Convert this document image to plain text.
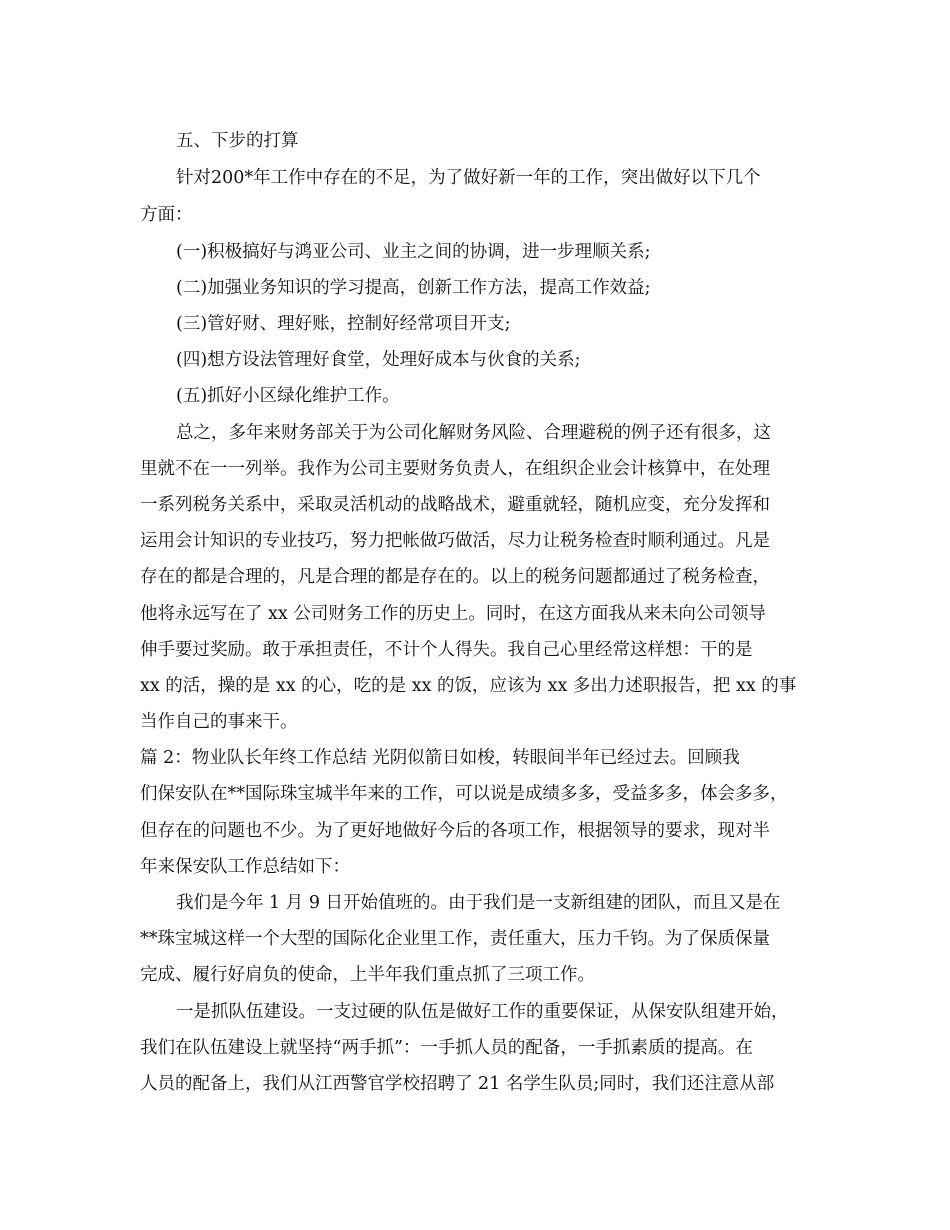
五、下步的打算
针对200*年工作中存在的不足，为了做好新一年的工作，突出做好以下几个
方面：
(一)积极搞好与鸿亚公司、业主之间的协调，进一步理顺关系;
(二)加强业务知识的学习提高，创新工作方法，提高工作效益;
(三)管好财、理好账，控制好经常项目开支;
(四)想方设法管理好食堂，处理好成本与伙食的关系;
(五)抓好小区绿化维护工作。
总之，多年来财务部关于为公司化解财务风险、合理避税的例子还有很多，这
里就不在一一列举。我作为公司主要财务负责人，在组织企业会计核算中，在处理
一系列税务关系中，采取灵活机动的战略战术，避重就轻，随机应变，充分发挥和
运用会计知识的专业技巧，努力把帐做巧做活，尽力让税务检查时顺利通过。凡是
存在的都是合理的，凡是合理的都是存在的。以上的税务问题都通过了税务检查，
他将永远写在了 xx 公司财务工作的历史上。同时，在这方面我从来未向公司领导
伸手要过奖励。敢于承担责任，不计个人得失。我自己心里经常这样想：干的是
xx 的活，操的是 xx 的心，吃的是 xx 的饭，应该为 xx 多出力述职报告，把 xx 的事
当作自己的事来干。
篇 2：物业队长年终工作总结 光阴似箭日如梭，转眼间半年已经过去。回顾我
们保安队在**国际珠宝城半年来的工作，可以说是成绩多多，受益多多，体会多多，
但存在的问题也不少。为了更好地做好今后的各项工作，根据领导的要求，现对半
年来保安队工作总结如下：
我们是今年 1 月 9 日开始值班的。由于我们是一支新组建的团队，而且又是在
**珠宝城这样一个大型的国际化企业里工作，责任重大，压力千钧。为了保质保量
完成、履行好肩负的使命，上半年我们重点抓了三项工作。
一是抓队伍建设。一支过硬的队伍是做好工作的重要保证，从保安队组建开始，
我们在队伍建设上就坚持“两手抓”：一手抓人员的配备，一手抓素质的提高。在
人员的配备上，我们从江西警官学校招聘了 21 名学生队员;同时，我们还注意从部
